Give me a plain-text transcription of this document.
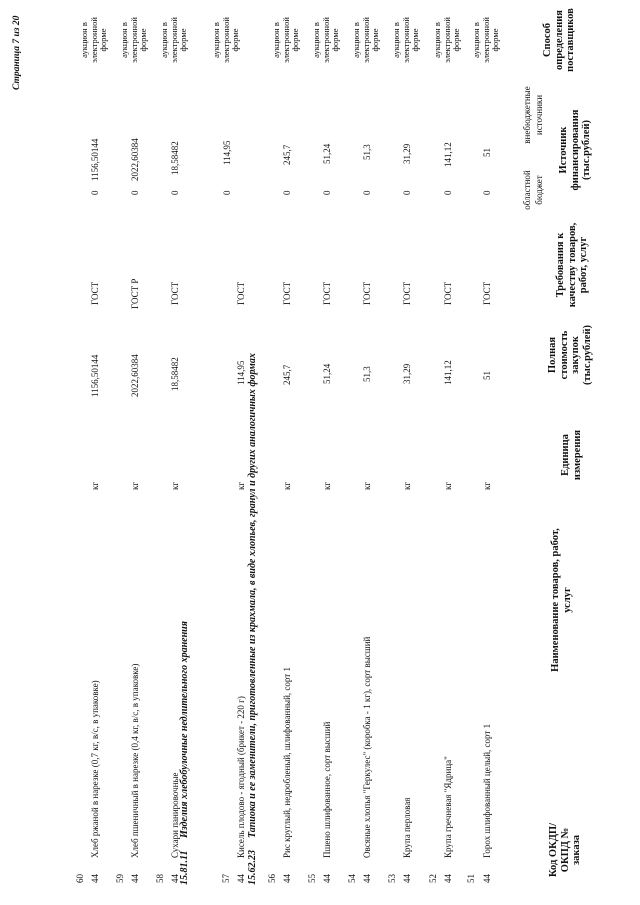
Код ОКДП/ ОКПД № заказа
Наименование товаров, работ, услуг
Единица измерения
Полная стоимость закупок (тыс.рублей)
Требования к качеству товаров, работ, услуг
Источник финансирования (тыс.рублей)
областной бюджет
внебюджетные источники
Способ определения поставщиков
44
51
Горох шлифованный целый, сорт 1
кг
51
ГОСТ
0
51
аукцион в электронной форме
44
52
Крупа гречневая "Ядрица"
кг
141,12
ГОСТ
0
141,12
аукцион в электронной форме
44
53
Крупа перловая
кг
31,29
ГОСТ
0
31,29
аукцион в электронной форме
44
54
Овсяные хлопья "Геркулес" (коробка - 1 кг), сорт высший
кг
51,3
ГОСТ
0
51,3
аукцион в электронной форме
44
55
Пшено шлифованное, сорт высший
кг
51,24
ГОСТ
0
51,24
аукцион в электронной форме
44
56
Рис круглый, недробленый, шлифованный, сорт 1
кг
245,7
ГОСТ
0
245,7
аукцион в электронной форме
15.62.23
Тапиока и ее заменители, приготовленные из крахмала, в виде хлопьев, гранул и других аналогичных формах
44
57
Кисель плодово - ягодный (брикет - 220 г)
кг
114,95
ГОСТ
0
114,95
аукцион в электронной форме
15.81.11
Изделия хлебобулочные недлительного хранения
44
58
Сухари панировочные
кг
18,58482
ГОСТ
0
18,58482
аукцион в электронной форме
44
59
Хлеб пшеничный в нарезке (0,4 кг, в/с, в упаковке)
кг
2022,60384
ГОСТ Р
0
2022,60384
аукцион в электронной форме
44
60
Хлеб ржаной в нарезке (0,7 кг, в/с, в упаковке)
кг
1156,50144
ГОСТ
0
1156,50144
аукцион в электронной форме
Страница 7 из 20
